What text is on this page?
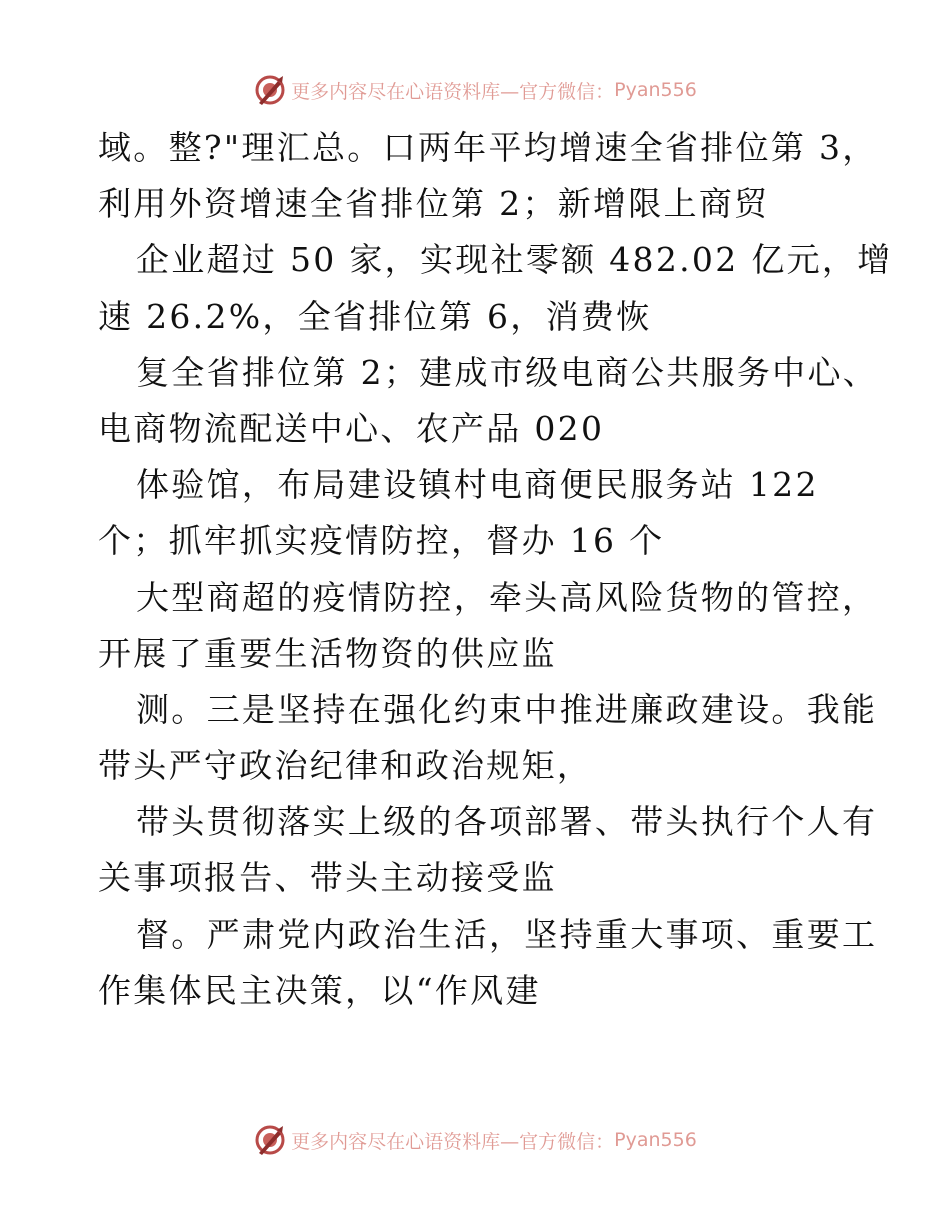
更多内容尽在心语资料库—官方微信： Pyan556
域。整?"理汇总。口两年平均增速全省排位第 3，
利用外资增速全省排位第 2；新增限上商贸
企业超过 50 家，实现社零额 482.02 亿元，增
速 26.2%，全省排位第 6，消费恢
复全省排位第 2；建成市级电商公共服务中心、
电商物流配送中心、农产品 020
体验馆，布局建设镇村电商便民服务站 122
个；抓牢抓实疫情防控，督办 16 个
大型商超的疫情防控，牵头高风险货物的管控，
开展了重要生活物资的供应监
测。三是坚持在强化约束中推进廉政建设。我能
带头严守政治纪律和政治规矩，
带头贯彻落实上级的各项部署、带头执行个人有
关事项报告、带头主动接受监
督。严肃党内政治生活，坚持重大事项、重要工
作集体民主决策，以“作风建
更多内容尽在心语资料库—官方微信： Pyan556
